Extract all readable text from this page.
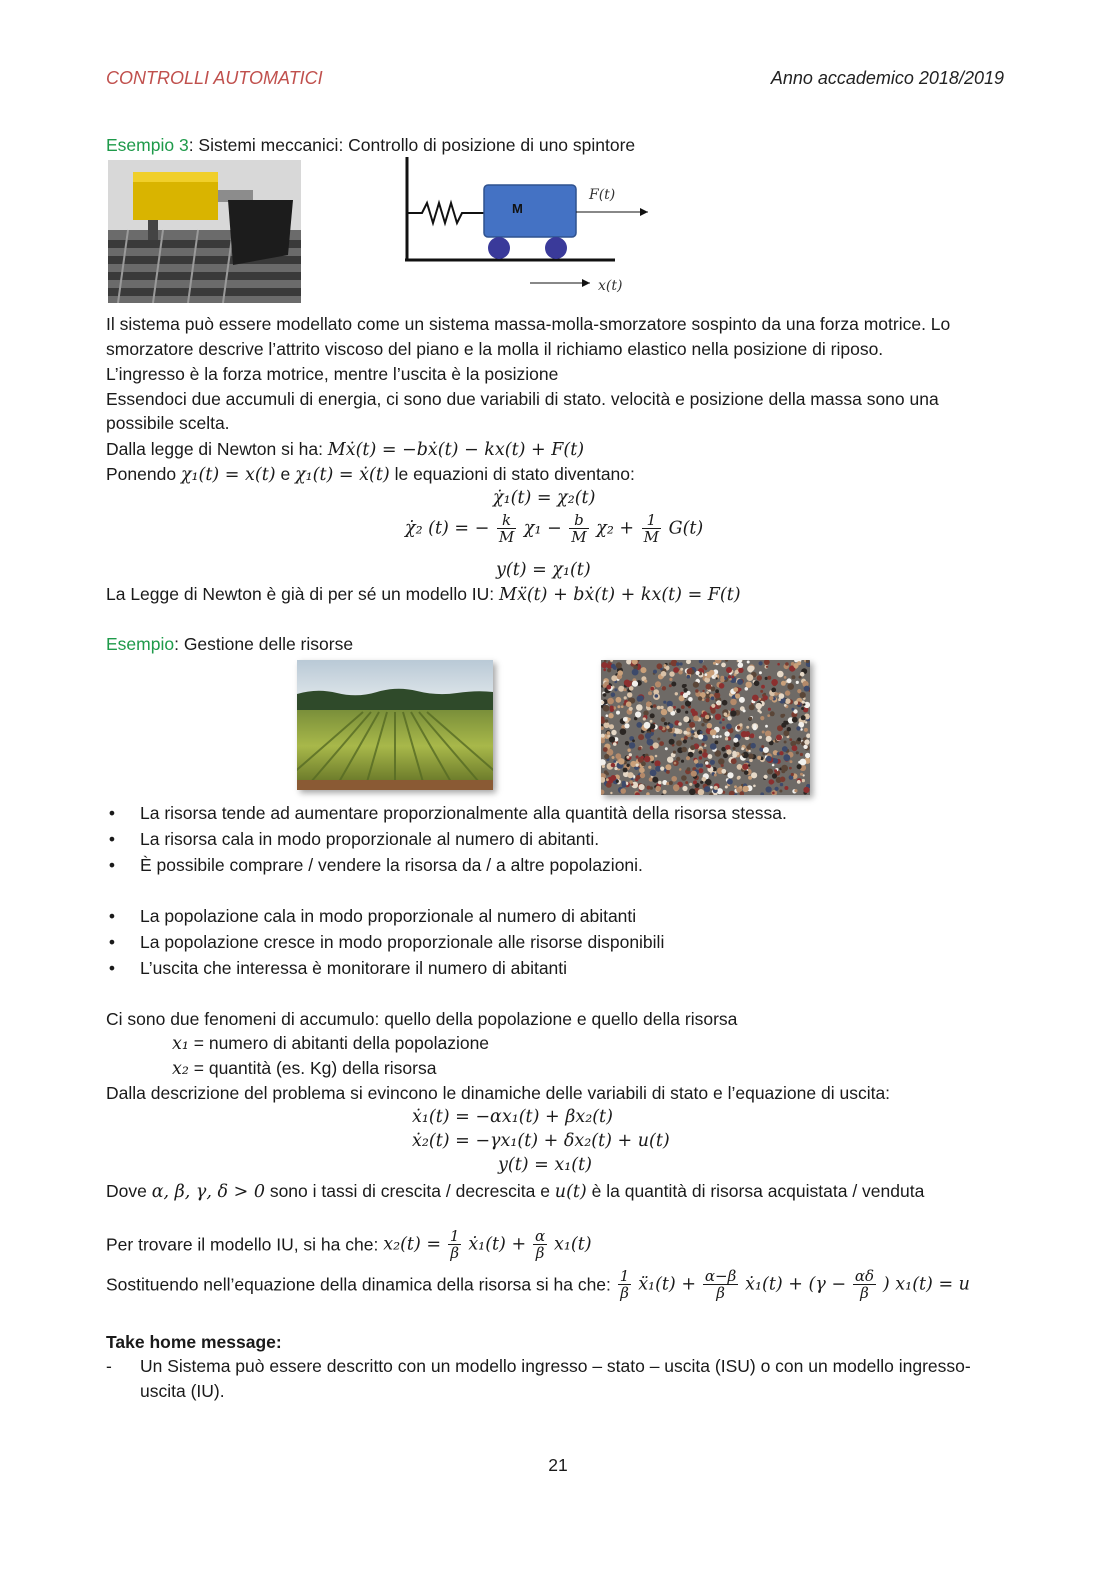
CONTROLLI AUTOMATICI	Anno accademico 2018/2019
Esempio 3: Sistemi meccanici: Controllo di posizione di uno spintore
M
F(t)
x(t)
Il sistema può essere modellato come un sistema massa-molla-smorzatore sospinto da una forza motrice. Lo
smorzatore descrive l’attrito viscoso del piano e la molla il richiamo elastico nella posizione di riposo.
L’ingresso è la forza motrice, mentre l’uscita è la posizione
Essendoci due accumuli di energia, ci sono due variabili di stato. velocità e posizione della massa sono una
possibile scelta.
Dalla legge di Newton si ha: Mẋ(t) = −bẋ(t) − kx(t) + F(t)
Ponendo χ₁(t) = x(t) e χ₁(t) = ẋ(t) le equazioni di stato diventano:
χ̇₁(t) = χ₂(t)
χ̇₂ (t) = − $\frac{k}{M} \chi_1 - \frac{b}{M} \chi_2 + \frac{1}{M} G(t)$
y(t) = χ₁(t)
La Legge di Newton è già di per sé un modello IU: Mẍ(t) + bẋ(t) + kx(t) = F(t)
Esempio: Gestione delle risorse
• La risorsa tende ad aumentare proporzionalmente alla quantità della risorsa stessa.
• La risorsa cala in modo proporzionale al numero di abitanti.
• È possibile comprare / vendere la risorsa da / a altre popolazioni.
• La popolazione cala in modo proporzionale al numero di abitanti
• La popolazione cresce in modo proporzionale alle risorse disponibili
• L’uscita che interessa è monitorare il numero di abitanti
Ci sono due fenomeni di accumulo: quello della popolazione e quello della risorsa
x₁ = numero di abitanti della popolazione
x₂ = quantità (es. Kg) della risorsa
Dalla descrizione del problema si evincono le dinamiche delle variabili di stato e l’equazione di uscita:
ẋ₁(t) = −αx₁(t) + βx₂(t)
ẋ₂(t) = −γx₁(t) + δx₂(t) + u(t)
y(t) = x₁(t)
Dove α, β, γ, δ > 0 sono i tassi di crescita / decrescita e u(t) è la quantità di risorsa acquistata / venduta
Per trovare il modello IU, si ha che: $x_2(t) = \frac{1}{\beta}$ ẋ₁(t) + $\frac{\alpha}{\beta} x_1(t)$
Sostituendo nell’equazione della dinamica della risorsa si ha che: $\frac{1}{\beta}$ ẍ₁(t) + $\frac{\alpha-\beta}{\beta}$ ẋ₁(t) + ($\gamma - \frac{\alpha\delta}{\beta}$ ) x₁(t) = u
Take home message:
- Un Sistema può essere descritto con un modello ingresso – stato – uscita (ISU) o con un modello ingresso-
uscita (IU).
21
